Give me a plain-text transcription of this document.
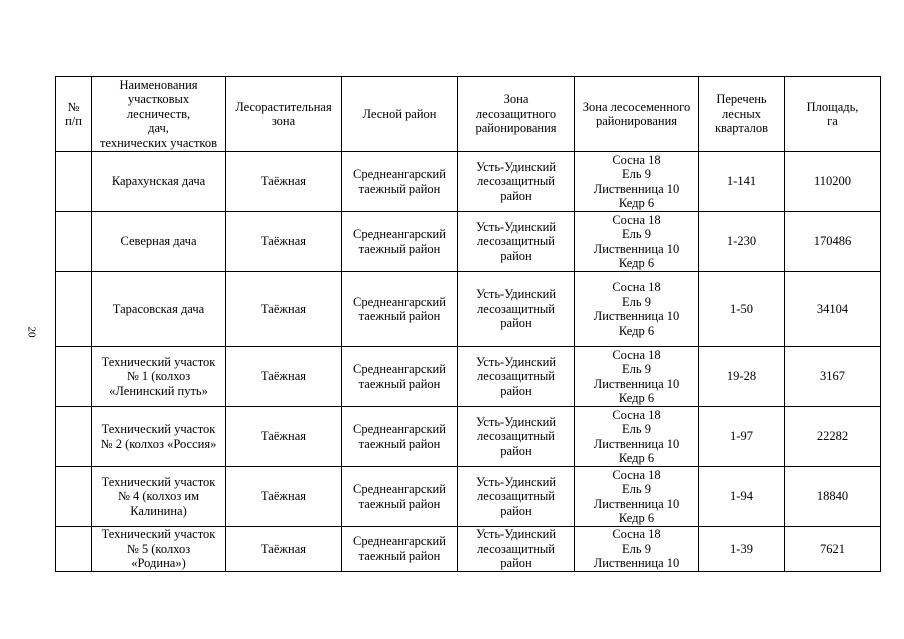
20
№
п/п	Наименования
участковых
лесничеств,
дач,
технических участков	Лесорастительная
зона	Лесной район	Зона
лесозащитного
районирования	Зона лесосеменного
районирования	Перечень
лесных
кварталов	Площадь,
га

	Карахунская дача	Таёжная	Среднеангарский
таежный район	Усть-Удинский
лесозащитный
район	Сосна 18
Ель 9
Лиственница 10
Кедр 6	1-141	110200

	Северная дача	Таёжная	Среднеангарский
таежный район	Усть-Удинский
лесозащитный
район	Сосна 18
Ель 9
Лиственница 10
Кедр 6	1-230	170486

	Тарасовская дача	Таёжная	Среднеангарский
таежный район	Усть-Удинский
лесозащитный
район	Сосна 18
Ель 9
Лиственница 10
Кедр 6	1-50	34104

	Технический участок
№ 1 (колхоз
«Ленинский путь»	Таёжная	Среднеангарский
таежный район	Усть-Удинский
лесозащитный
район	Сосна 18
Ель 9
Лиственница 10
Кедр 6	19-28	3167

	Технический участок
№ 2 (колхоз «Россия»	Таёжная	Среднеангарский
таежный район	Усть-Удинский
лесозащитный
район	Сосна 18
Ель 9
Лиственница 10
Кедр 6	1-97	22282

	Технический участок
№ 4 (колхоз им
Калинина)	Таёжная	Среднеангарский
таежный район	Усть-Удинский
лесозащитный
район	Сосна 18
Ель 9
Лиственница 10
Кедр 6	1-94	18840

	Технический участок
№ 5 (колхоз
«Родина»)	Таёжная	Среднеангарский
таежный район	Усть-Удинский
лесозащитный
район	Сосна 18
Ель 9
Лиственница 10	1-39	7621
